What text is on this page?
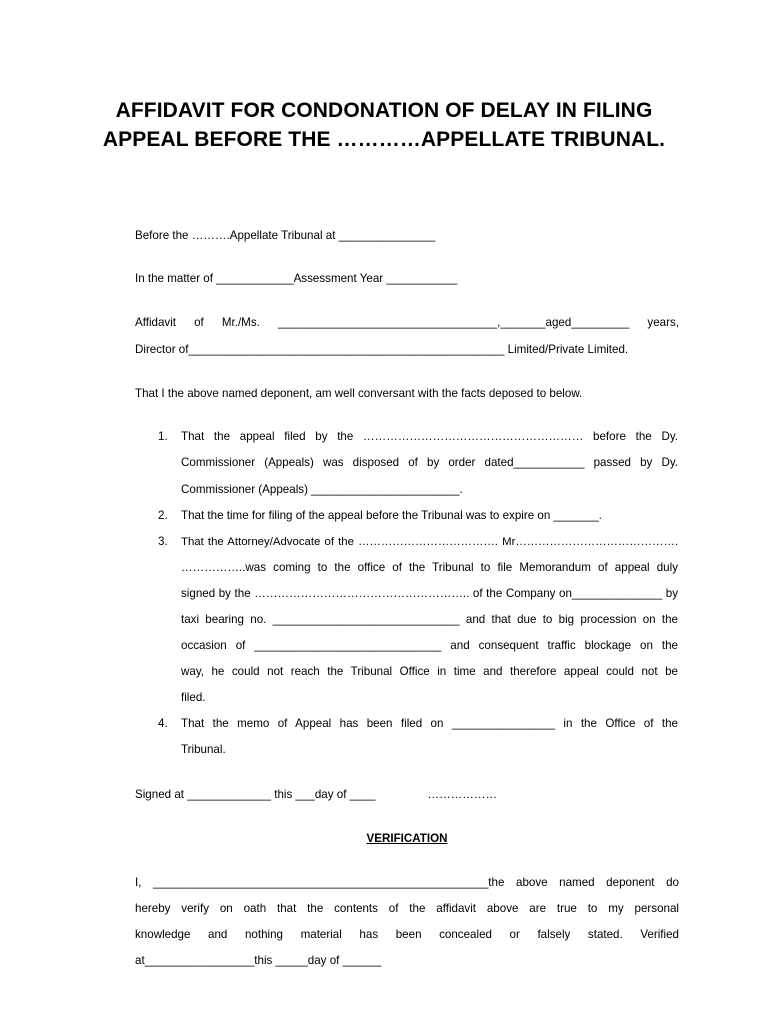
AFFIDAVIT FOR CONDONATION OF DELAY IN FILING
APPEAL BEFORE THE …………APPELLATE TRIBUNAL.
Before the ……….Appellate Tribunal at _______________
In the matter of ____________Assessment Year ___________
Affidavit of Mr./Ms. __________________________________,_______aged_________ years,
Director of_________________________________________________ Limited/Private Limited.
That I the above named deponent, am well conversant with the facts deposed to below.
1. That the appeal filed by the ………………………………………………… before the Dy.
Commissioner (Appeals) was disposed of by order dated___________ passed by Dy.
Commissioner (Appeals) _______________________.
2. That the time for filing of the appeal before the Tribunal was to expire on _______.
3. That the Attorney/Advocate of the ………………………………. Mr…………………………………….
……………..was coming to the office of the Tribunal to file Memorandum of appeal duly
signed by the ……………………………………………….. of the Company on______________ by
taxi bearing no. _____________________________ and that due to big procession on the
occasion of _____________________________ and consequent traffic blockage on the
way, he could not reach the Tribunal Office in time and therefore appeal could not be
filed.
4. That the memo of Appeal has been filed on ________________ in the Office of the
Tribunal.
Signed at _____________ this ___day of ____	………………
VERIFICATION
I, ____________________________________________________the above named deponent do
hereby verify on oath that the contents of the affidavit above are true to my personal
knowledge and nothing material has been concealed or falsely stated. Verified
at_________________this _____day of ______
